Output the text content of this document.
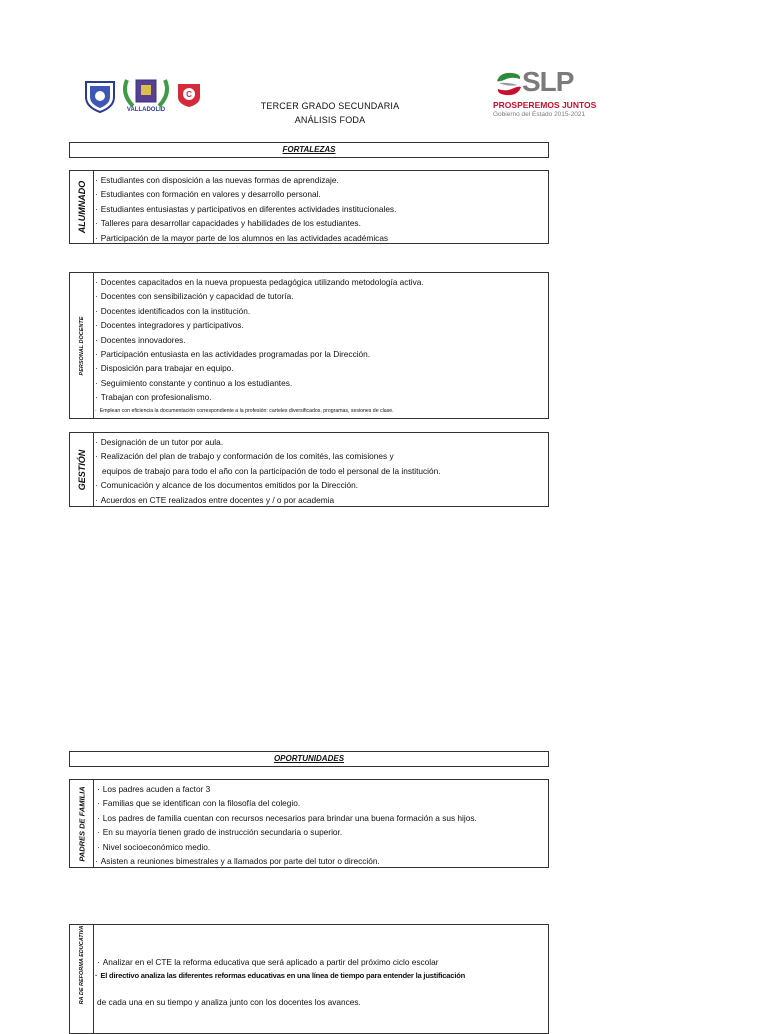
VALLADOLID
C
TERCER GRADO SECUNDARIA
ANÁLISIS FODA
SLP
PROSPEREMOS JUNTOS
Gobierno del Estado 2015-2021
FORTALEZAS
ALUMNADO
· Estudiantes con disposición a las nuevas formas de aprendizaje.
· Estudiantes con formación en valores y desarrollo personal.
· Estudiantes entusiastas y participativos en diferentes actividades institucionales.
· Talleres para desarrollar capacidades y habilidades de los estudiantes.
· Participación de la mayor parte de los alumnos en las actividades académicas
PERSONAL DOCENTE
· Docentes capacitados en la nueva propuesta pedagógica utilizando metodología activa.
· Docentes con sensibilización y capacidad de tutoría.
· Docentes identificados con la institución.
· Docentes integradores y participativos.
· Docentes innovadores.
· Participación entusiasta en las actividades programadas por la Dirección.
· Disposición para trabajar en equipo.
· Seguimiento constante y continuo a los estudiantes.
· Trabajan con profesionalismo.
· Emplean con eficiencia la documentación correspondiente a la profesión: carteles diversificados, programas, sesiones de clase.
GESTIÓN
· Designación de un tutor por aula.
· Realización del plan de trabajo y conformación de los comités, las comisiones y
equipos de trabajo para todo el año con la participación de todo el personal de la institución.
· Comunicación y alcance de los documentos emitidos por la Dirección.
· Acuerdos en CTE realizados entre docentes y / o por academia
OPORTUNIDADES
PADRES DE FAMILIA	· Los padres acuden a factor 3
· Familias que se identifican con la filosofía del colegio.
· Los padres de familia cuentan con recursos necesarios para brindar una buena formación a sus hijos.
· En su mayoría tienen grado de instrucción secundaria o superior.
· Nivel socioeconómico medio.
· Asisten a reuniones bimestrales y a llamados por parte del tutor o dirección.
RA DE REFORMA EDUCATIVA	· Analizar en el CTE la reforma educativa que será aplicado a partir del próximo ciclo escolar
· El directivo analiza las diferentes reformas educativas en una línea de tiempo para entender la justificación
de cada una en su tiempo y analiza junto con los docentes los avances.
